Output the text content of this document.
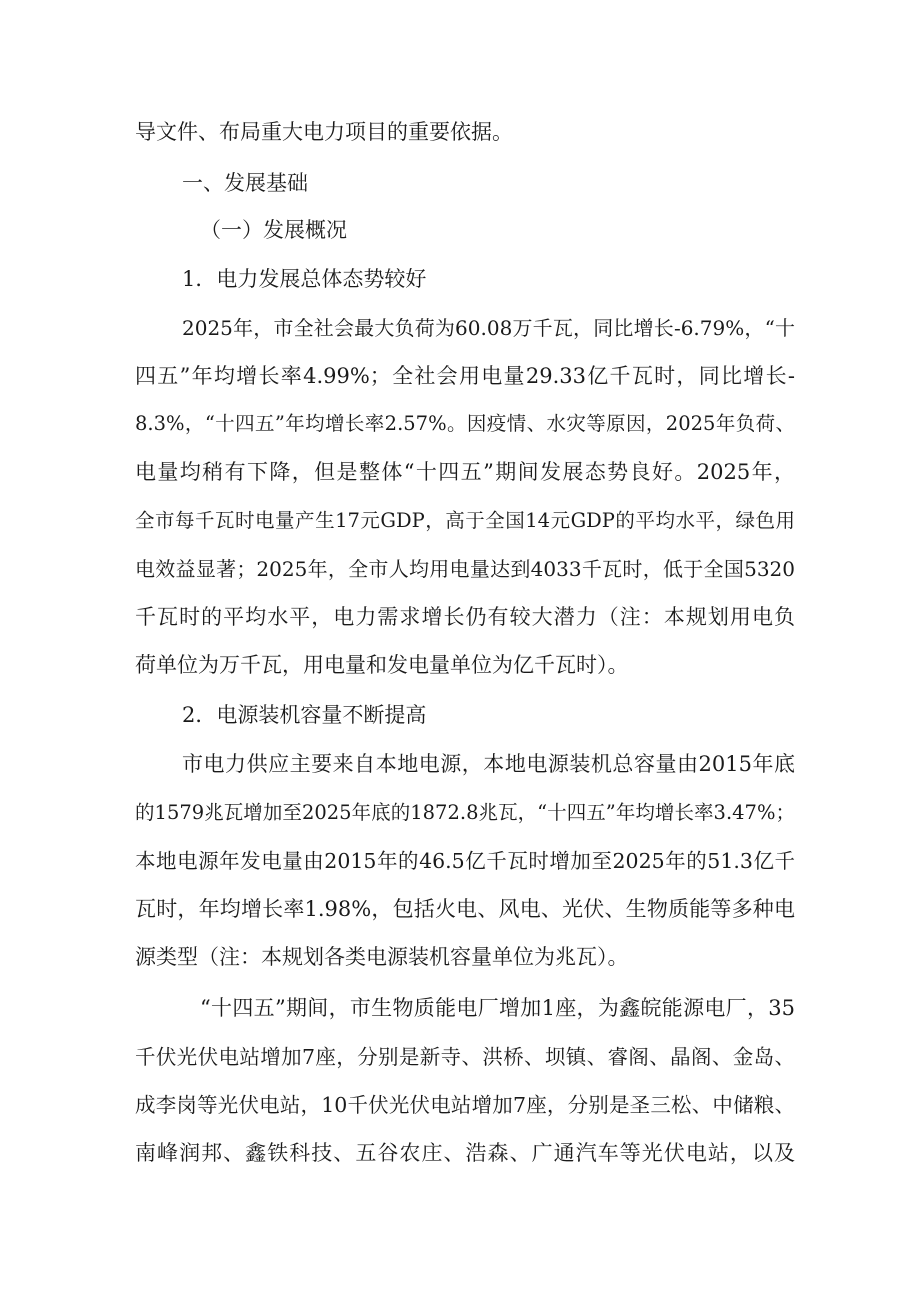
导文件、布局重大电力项目的重要依据。
一、发展基础
（一）发展概况
1．电力发展总体态势较好
2025年，市全社会最大负荷为60.08万千瓦，同比增长-6.79%，“十
四五”年均增长率4.99%；全社会用电量29.33亿千瓦时，同比增长-
8.3%，“十四五”年均增长率2.57%。因疫情、水灾等原因，2025年负荷、
电量均稍有下降，但是整体“十四五”期间发展态势良好。2025年，
全市每千瓦时电量产生17元GDP，高于全国14元GDP的平均水平，绿色用
电效益显著；2025年，全市人均用电量达到4033千瓦时，低于全国5320
千瓦时的平均水平，电力需求增长仍有较大潜力（注：本规划用电负
荷单位为万千瓦，用电量和发电量单位为亿千瓦时）。
2．电源装机容量不断提高
市电力供应主要来自本地电源，本地电源装机总容量由2015年底
的1579兆瓦增加至2025年底的1872.8兆瓦，“十四五”年均增长率3.47%；
本地电源年发电量由2015年的46.5亿千瓦时增加至2025年的51.3亿千
瓦时，年均增长率1.98%，包括火电、风电、光伏、生物质能等多种电
源类型（注：本规划各类电源装机容量单位为兆瓦）。
“十四五”期间，市生物质能电厂增加1座，为鑫皖能源电厂，35
千伏光伏电站增加7座，分别是新寺、洪桥、坝镇、睿阁、晶阁、金岛、
成李岗等光伏电站，10千伏光伏电站增加7座，分别是圣三松、中储粮、
南峰润邦、鑫铁科技、五谷农庄、浩森、广通汽车等光伏电站，以及
